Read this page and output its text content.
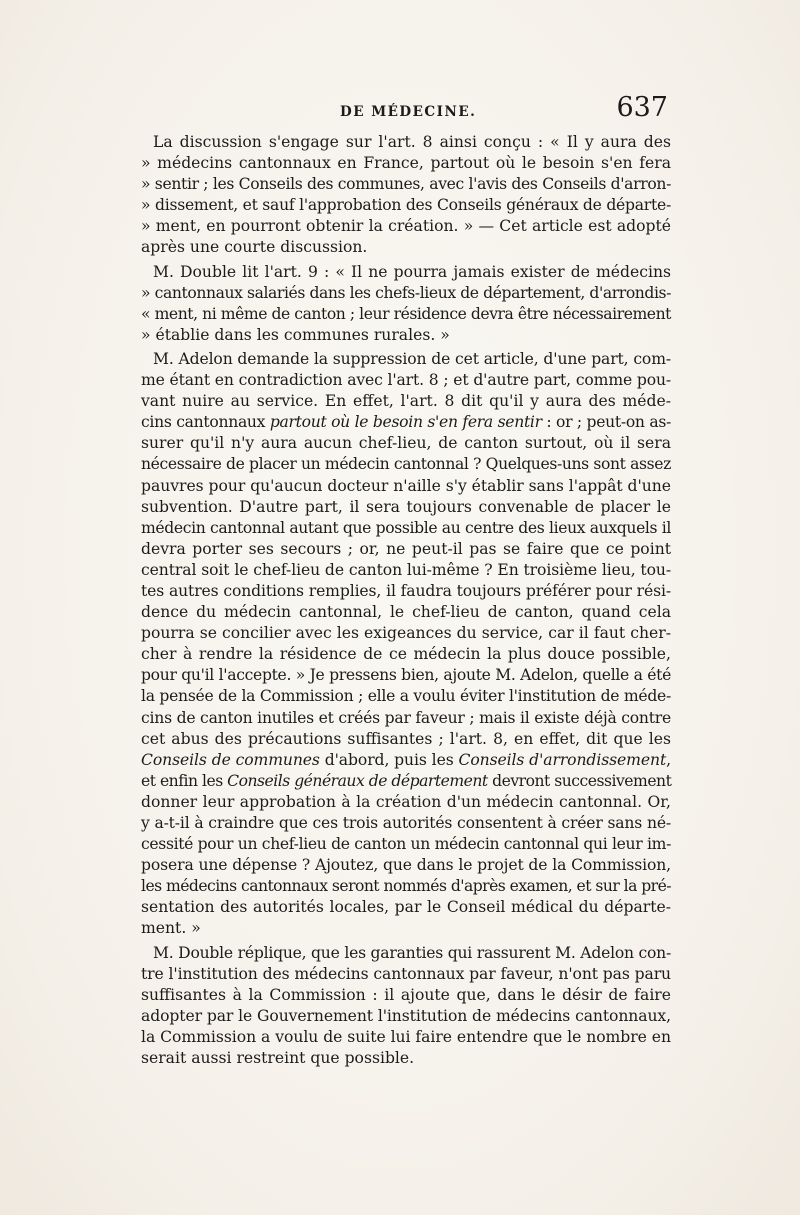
DE MÉDECINE.	637
La discussion s'engage sur l'art. 8 ainsi conçu : « Il y aura des
» médecins cantonnaux en France, partout où le besoin s'en fera
» sentir ; les Conseils des communes, avec l'avis des Conseils d'arron-
» dissement, et sauf l'approbation des Conseils généraux de départe-
» ment, en pourront obtenir la création. » — Cet article est adopté
après une courte discussion.
M. Double lit l'art. 9 : « Il ne pourra jamais exister de médecins
» cantonnaux salariés dans les chefs-lieux de département, d'arrondis-
« ment, ni même de canton ; leur résidence devra être nécessairement
» établie dans les communes rurales. »
M. Adelon demande la suppression de cet article, d'une part, com-
me étant en contradiction avec l'art. 8 ; et d'autre part, comme pou-
vant nuire au service. En effet, l'art. 8 dit qu'il y aura des méde-
cins cantonnaux partout où le besoin s'en fera sentir : or ; peut-on as-
surer qu'il n'y aura aucun chef-lieu, de canton surtout, où il sera
nécessaire de placer un médecin cantonnal ? Quelques-uns sont assez
pauvres pour qu'aucun docteur n'aille s'y établir sans l'appât d'une
subvention. D'autre part, il sera toujours convenable de placer le
médecin cantonnal autant que possible au centre des lieux auxquels il
devra porter ses secours ; or, ne peut-il pas se faire que ce point
central soit le chef-lieu de canton lui-même ? En troisième lieu, tou-
tes autres conditions remplies, il faudra toujours préférer pour rési-
dence du médecin cantonnal, le chef-lieu de canton, quand cela
pourra se concilier avec les exigeances du service, car il faut cher-
cher à rendre la résidence de ce médecin la plus douce possible,
pour qu'il l'accepte. » Je pressens bien, ajoute M. Adelon, quelle a été
la pensée de la Commission ; elle a voulu éviter l'institution de méde-
cins de canton inutiles et créés par faveur ; mais il existe déjà contre
cet abus des précautions suffisantes ; l'art. 8, en effet, dit que les
Conseils de communes d'abord, puis les Conseils d'arrondissement,
et enfin les Conseils généraux de département devront successivement
donner leur approbation à la création d'un médecin cantonnal. Or,
y a-t-il à craindre que ces trois autorités consentent à créer sans né-
cessité pour un chef-lieu de canton un médecin cantonnal qui leur im-
posera une dépense ? Ajoutez, que dans le projet de la Commission,
les médecins cantonnaux seront nommés d'après examen, et sur la pré-
sentation des autorités locales, par le Conseil médical du départe-
ment. »
M. Double réplique, que les garanties qui rassurent M. Adelon con-
tre l'institution des médecins cantonnaux par faveur, n'ont pas paru
suffisantes à la Commission : il ajoute que, dans le désir de faire
adopter par le Gouvernement l'institution de médecins cantonnaux,
la Commission a voulu de suite lui faire entendre que le nombre en
serait aussi restreint que possible.
